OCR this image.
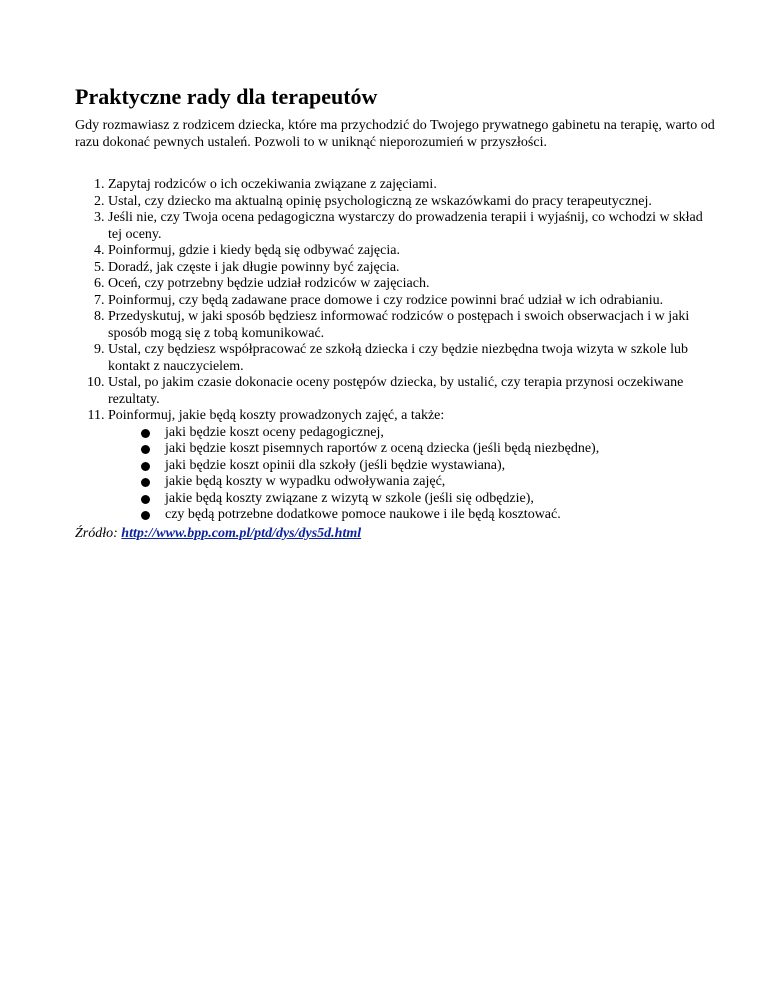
Praktyczne rady dla terapeutów

Gdy rozmawiasz z rodzicem dziecka, które ma przychodzić do Twojego prywatnego gabinetu na terapię, warto od razu dokonać pewnych ustaleń. Pozwoli to w uniknąć nieporozumień w przyszłości.

1. Zapytaj rodziców o ich oczekiwania związane z zajęciami.
2. Ustal, czy dziecko ma aktualną opinię psychologiczną ze wskazówkami do pracy terapeutycznej.
3. Jeśli nie, czy Twoja ocena pedagogiczna wystarczy do prowadzenia terapii i wyjaśnij, co wchodzi w skład tej oceny.
4. Poinformuj, gdzie i kiedy będą się odbywać zajęcia.
5. Doradź, jak częste i jak długie powinny być zajęcia.
6. Oceń, czy potrzebny będzie udział rodziców w zajęciach.
7. Poinformuj, czy będą zadawane prace domowe i czy rodzice powinni brać udział w ich odrabianiu.
8. Przedyskutuj, w jaki sposób będziesz informować rodziców o postępach i swoich obserwacjach i w jaki sposób mogą się z tobą komunikować.
9. Ustal, czy będziesz współpracować ze szkołą dziecka i czy będzie niezbędna twoja wizyta w szkole lub kontakt z nauczycielem.
10. Ustal, po jakim czasie dokonacie oceny postępów dziecka, by ustalić, czy terapia przynosi oczekiwane rezultaty.
11. Poinformuj, jakie będą koszty prowadzonych zajęć, a także:
jaki będzie koszt oceny pedagogicznej,
jaki będzie koszt pisemnych raportów z oceną dziecka (jeśli będą niezbędne),
jaki będzie koszt opinii dla szkoły (jeśli będzie wystawiana),
jakie będą koszty w wypadku odwoływania zajęć,
jakie będą koszty związane z wizytą w szkole (jeśli się odbędzie),
czy będą potrzebne dodatkowe pomoce naukowe i ile będą kosztować.

Źródło: http://www.bpp.com.pl/ptd/dys/dys5d.html
